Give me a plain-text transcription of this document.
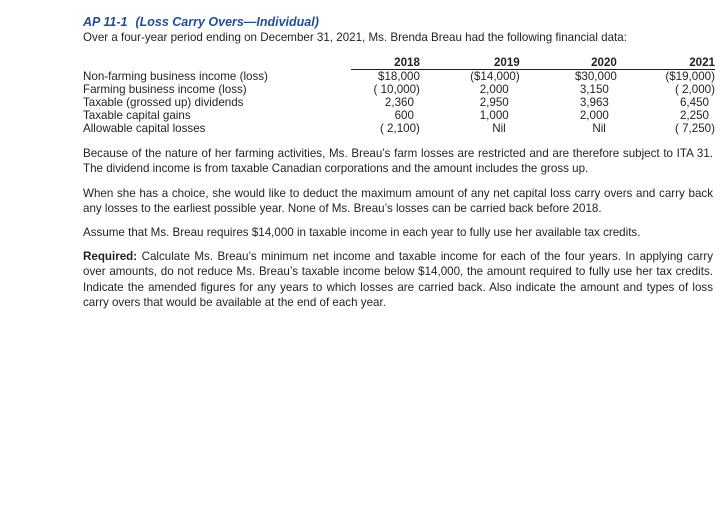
AP 11-1 (Loss Carry Overs—Individual)

Over a four-year period ending on December 31, 2021, Ms. Brenda Breau had the following financial data:

	2018	2019	2020	2021
Non-farming business income (loss)	$18,000	($14,000)	$30,000	($19,000)
Farming business income (loss)	( 10,000)	2,000	3,150	( 2,000)
Taxable (grossed up) dividends	2,360	2,950	3,963	6,450
Taxable capital gains	600	1,000	2,000	2,250
Allowable capital losses	( 2,100)	Nil	Nil	( 7,250)

Because of the nature of her farming activities, Ms. Breau’s farm losses are restricted and are therefore subject to ITA 31. The dividend income is from taxable Canadian corporations and the amount includes the gross up.

When she has a choice, she would like to deduct the maximum amount of any net capital loss carry overs and carry back any losses to the earliest possible year. None of Ms. Breau’s losses can be carried back before 2018.

Assume that Ms. Breau requires $14,000 in taxable income in each year to fully use her available tax credits.

Required: Calculate Ms. Breau’s minimum net income and taxable income for each of the four years. In applying carry over amounts, do not reduce Ms. Breau’s taxable income below $14,000, the amount required to fully use her tax credits. Indicate the amended figures for any years to which losses are carried back. Also indicate the amount and types of loss carry overs that would be available at the end of each year.
